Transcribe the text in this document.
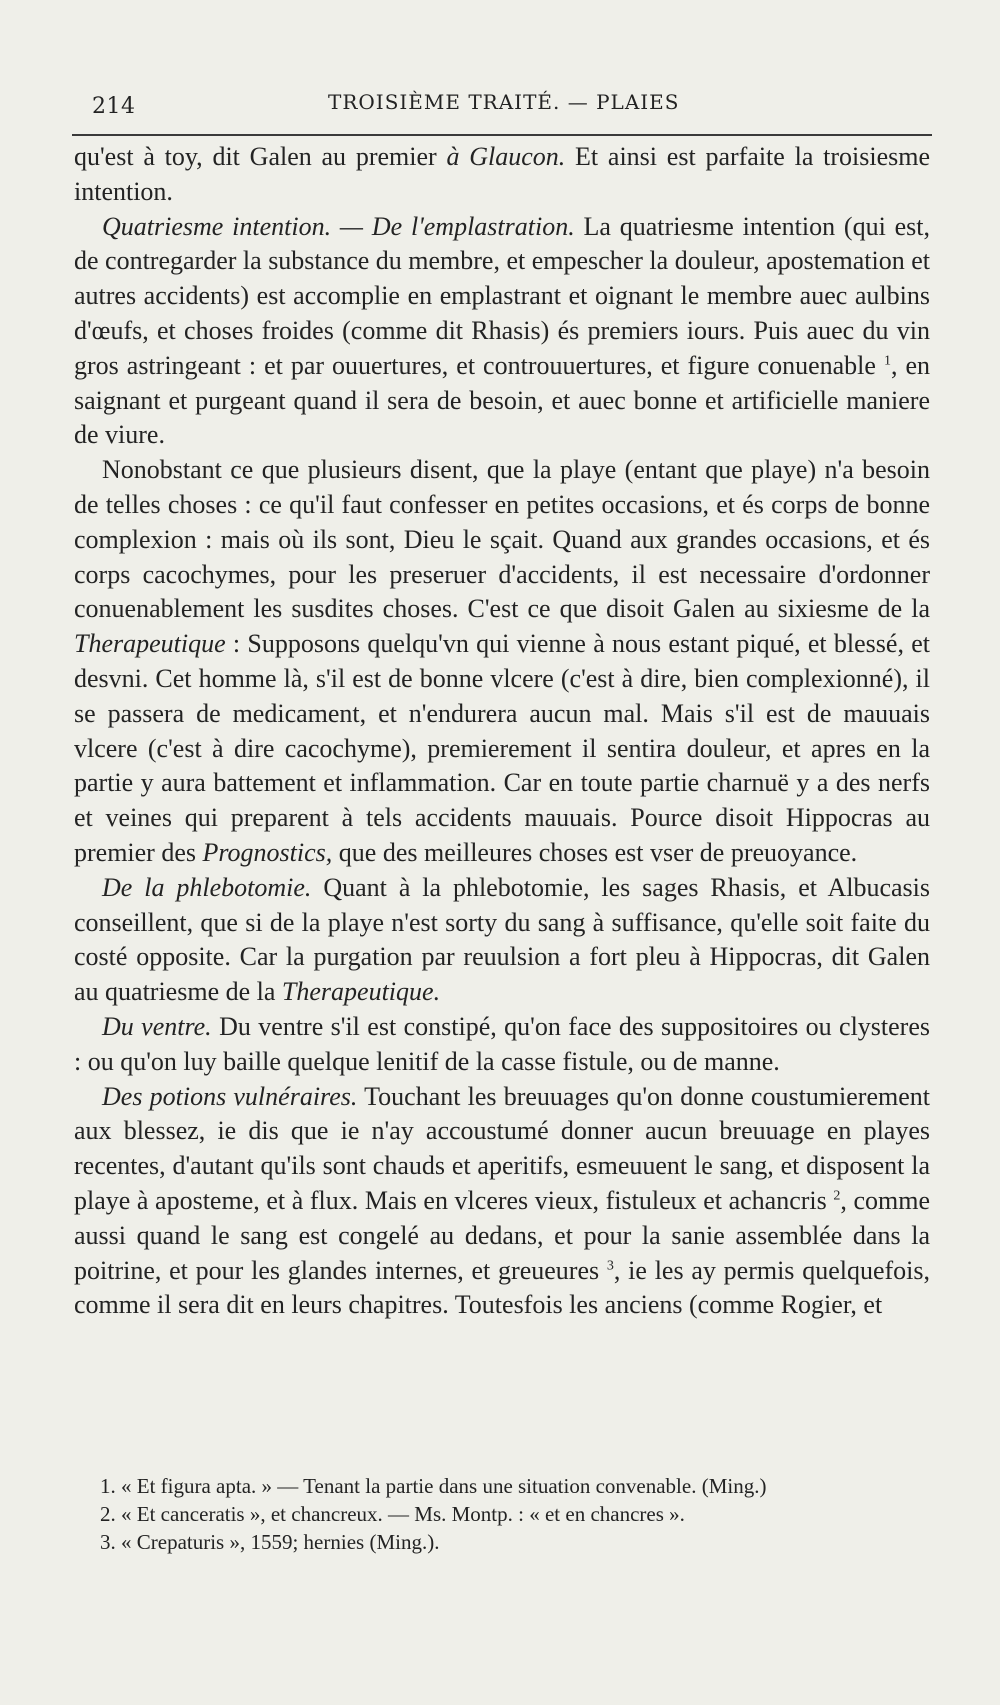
214	TROISIÈME TRAITÉ. — PLAIES

qu'est à toy, dit Galen au premier à Glaucon. Et ainsi est parfaite la troisiesme intention.

Quatriesme intention. — De l'emplastration. La quatriesme intention (qui est, de contregarder la substance du membre, et empescher la douleur, apostemation et autres accidents) est accomplie en emplastrant et oignant le membre auec aulbins d'œufs, et choses froides (comme dit Rhasis) és premiers iours. Puis auec du vin gros astringeant : et par ouuertures, et controuuertures, et figure conuenable $^1$, en saignant et purgeant quand il sera de besoin, et auec bonne et artificielle maniere de viure.

Nonobstant ce que plusieurs disent, que la playe (entant que playe) n'a besoin de telles choses : ce qu'il faut confesser en petites occasions, et és corps de bonne complexion : mais où ils sont, Dieu le sçait. Quand aux grandes occasions, et és corps cacochymes, pour les preseruer d'accidents, il est necessaire d'ordonner conuenablement les susdites choses. C'est ce que disoit Galen au sixiesme de la Therapeutique : Supposons quelqu'vn qui vienne à nous estant piqué, et blessé, et desvni. Cet homme là, s'il est de bonne vlcere (c'est à dire, bien complexionné), il se passera de medicament, et n'endurera aucun mal. Mais s'il est de mauuais vlcere (c'est à dire cacochyme), premierement il sentira douleur, et apres en la partie y aura battement et inflammation. Car en toute partie charnuë y a des nerfs et veines qui preparent à tels accidents mauuais. Pource disoit Hippocras au premier des Prognostics, que des meilleures choses est vser de preuoyance.

De la phlebotomie. Quant à la phlebotomie, les sages Rhasis, et Albucasis conseillent, que si de la playe n'est sorty du sang à suffisance, qu'elle soit faite du costé opposite. Car la purgation par reuulsion a fort pleu à Hippocras, dit Galen au quatriesme de la Therapeutique.

Du ventre. Du ventre s'il est constipé, qu'on face des suppositoires ou clysteres : ou qu'on luy baille quelque lenitif de la casse fistule, ou de manne.

Des potions vulnéraires. Touchant les breuuages qu'on donne coustumierement aux blessez, ie dis que ie n'ay accoustumé donner aucun breuuage en playes recentes, d'autant qu'ils sont chauds et aperitifs, esmeuuent le sang, et disposent la playe à aposteme, et à flux. Mais en vlceres vieux, fistuleux et achancris $^2$, comme aussi quand le sang est congelé au dedans, et pour la sanie assemblée dans la poitrine, et pour les glandes internes, et greueures $^3$, ie les ay permis quelquefois, comme il sera dit en leurs chapitres. Toutesfois les anciens (comme Rogier, et

1. « Et figura apta. » — Tenant la partie dans une situation convenable. (Ming.)
2. « Et canceratis », et chancreux. — Ms. Montp. : « et en chancres ».
3. « Crepaturis », 1559; hernies (Ming.).
